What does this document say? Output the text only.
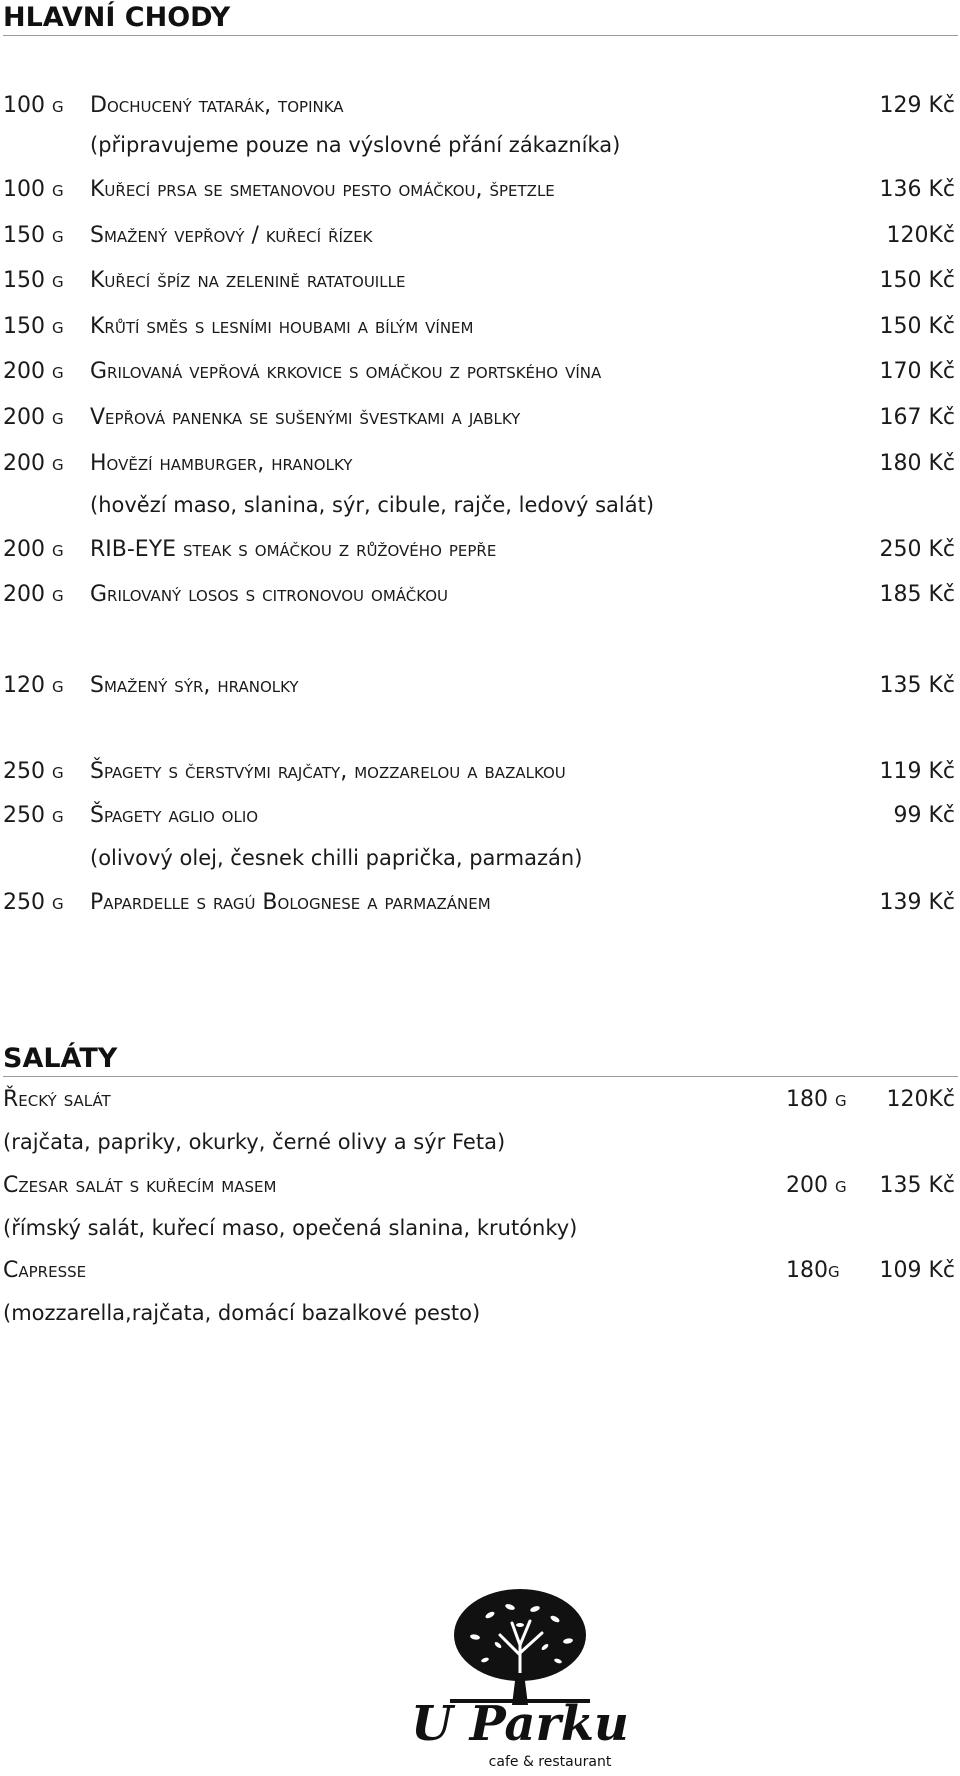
HLAVNÍ CHODY
100 g Dochucený tatarák, topinka	129 Kč
(připravujeme pouze na výslovné přání zákazníka)
100 g Kuřecí prsa se smetanovou pesto omáčkou, špetzle	136 Kč
150 g Smažený vepřový / kuřecí řízek	120Kč
150 g Kuřecí špíz na zelenině ratatouille	150 Kč
150 g Krůtí směs s lesními houbami a bílým vínem	150 Kč
200 g Grilovaná vepřová krkovice s omáčkou z portského vína	170 Kč
200 g Vepřová panenka se sušenými švestkami a jablky	167 Kč
200 g Hovězí hamburger, hranolky	180 Kč
(hovězí maso, slanina, sýr, cibule, rajče, ledový salát)
200 g RIB-EYE steak s omáčkou z růžového pepře	250 Kč
200 g Grilovaný losos s citronovou omáčkou	185 Kč
120 g Smažený sýr, hranolky	135 Kč
250 g Špagety s čerstvými rajčaty, mozzarelou a bazalkou	119 Kč
250 g Špagety aglio olio	99 Kč
(olivový olej, česnek chilli paprička, parmazán)
250 g Papardelle s ragú Bolognese a parmazánem	139 Kč
SALÁTY
Řecký salát	180 g 120Kč
(rajčata, papriky, okurky, černé olivy a sýr Feta)
Czesar salát s kuřecím masem	200 g 135 Kč
(římský salát, kuřecí maso, opečená slanina, krutónky)
Capresse	180g 109 Kč
(mozzarella,rajčata, domácí bazalkové pesto)
U Parku
cafe & restaurant
